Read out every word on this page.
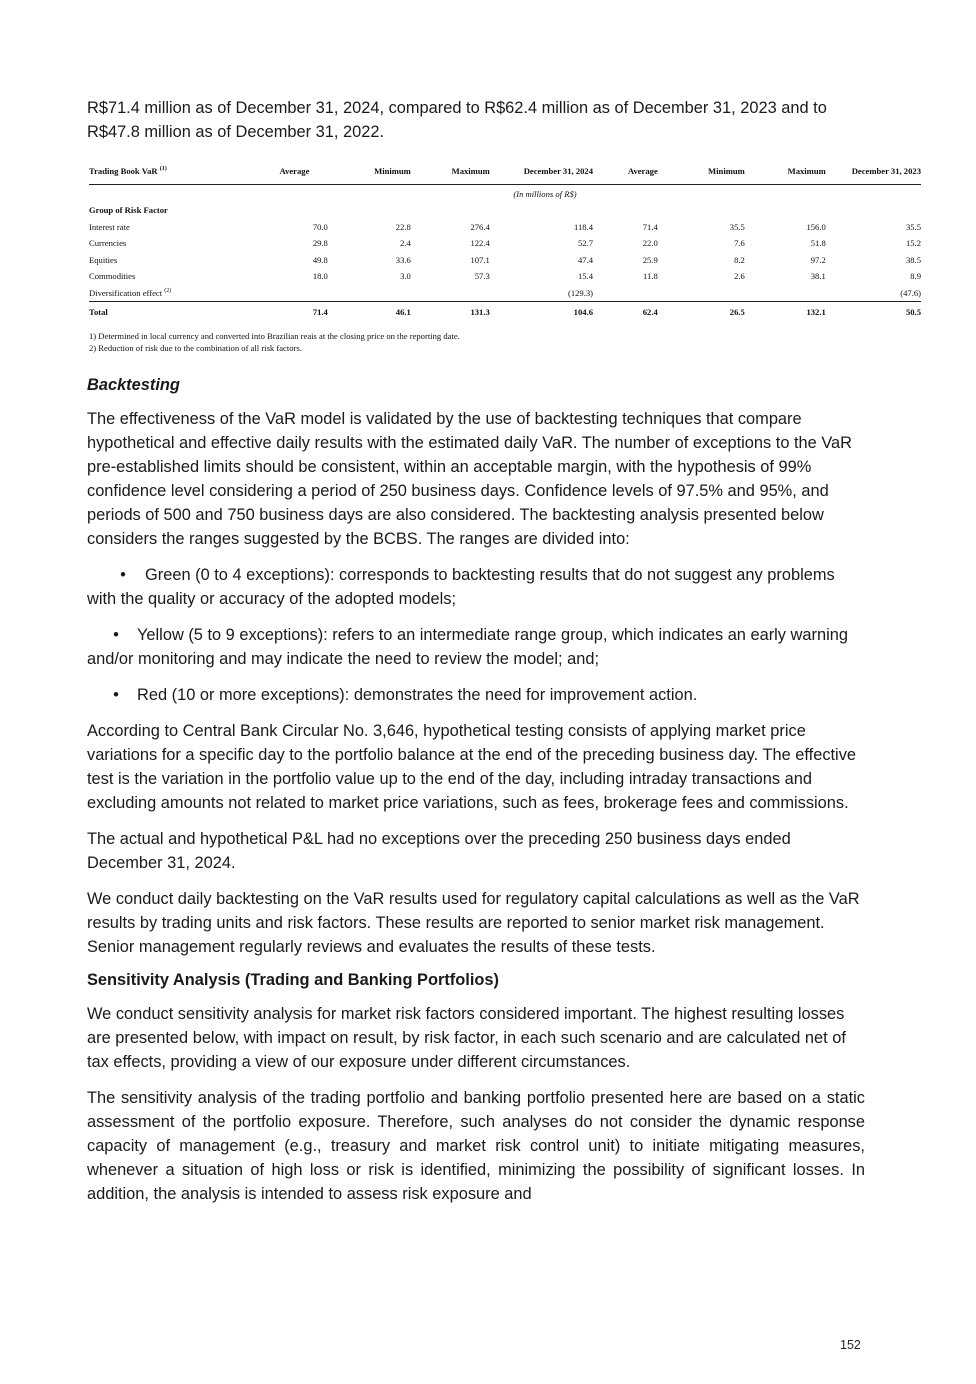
R$71.4 million as of December 31, 2024, compared to R$62.4 million as of December 31, 2023 and to R$47.8 million as of December 31, 2022.

Trading Book VaR $^{(1)}$	Average	Minimum	Maximum	December 31, 2024	Average	Minimum	Maximum	December 31, 2023
(In millions of R$)								
Group of Risk Factor								
Interest rate	70.0	22.8	276.4	118.4	71.4	35.5	156.0	35.5
Currencies	29.8	2.4	122.4	52.7	22.0	7.6	51.8	15.2
Equities	49.8	33.6	107.1	47.4	25.9	8.2	97.2	38.5
Commodities	18.0	3.0	57.3	15.4	11.8	2.6	38.1	8.9
Diversification effect $^{(2)}$				(129.3)				(47.6)
Total	71.4	46.1	131.3	104.6	62.4	26.5	132.1	50.5
1) Determined in local currency and converted into Brazilian reais at the closing price on the reporting date.
2) Reduction of risk due to the combination of all risk factors.
Backtesting

The effectiveness of the VaR model is validated by the use of backtesting techniques that compare hypothetical and effective daily results with the estimated daily VaR. The number of exceptions to the VaR pre-established limits should be consistent, within an acceptable margin, with the hypothesis of 99% confidence level considering a period of 250 business days. Confidence levels of 97.5% and 95%, and periods of 500 and 750 business days are also considered. The backtesting analysis presented below considers the ranges suggested by the BCBS. The ranges are divided into:

• Green (0 to 4 exceptions): corresponds to backtesting results that do not suggest any problems with the quality or accuracy of the adopted models;

• Yellow (5 to 9 exceptions): refers to an intermediate range group, which indicates an early warning and/or monitoring and may indicate the need to review the model; and;

• Red (10 or more exceptions): demonstrates the need for improvement action.

According to Central Bank Circular No. 3,646, hypothetical testing consists of applying market price variations for a specific day to the portfolio balance at the end of the preceding business day. The effective test is the variation in the portfolio value up to the end of the day, including intraday transactions and excluding amounts not related to market price variations, such as fees, brokerage fees and commissions.

The actual and hypothetical P&L had no exceptions over the preceding 250 business days ended December 31, 2024.

We conduct daily backtesting on the VaR results used for regulatory capital calculations as well as the VaR results by trading units and risk factors. These results are reported to senior market risk management. Senior management regularly reviews and evaluates the results of these tests.

Sensitivity Analysis (Trading and Banking Portfolios)

We conduct sensitivity analysis for market risk factors considered important. The highest resulting losses are presented below, with impact on result, by risk factor, in each such scenario and are calculated net of tax effects, providing a view of our exposure under different circumstances.

The sensitivity analysis of the trading portfolio and banking portfolio presented here are based on a static assessment of the portfolio exposure. Therefore, such analyses do not consider the dynamic response capacity of management (e.g., treasury and market risk control unit) to initiate mitigating measures, whenever a situation of high loss or risk is identified, minimizing the possibility of significant losses. In addition, the analysis is intended to assess risk exposure and

152
